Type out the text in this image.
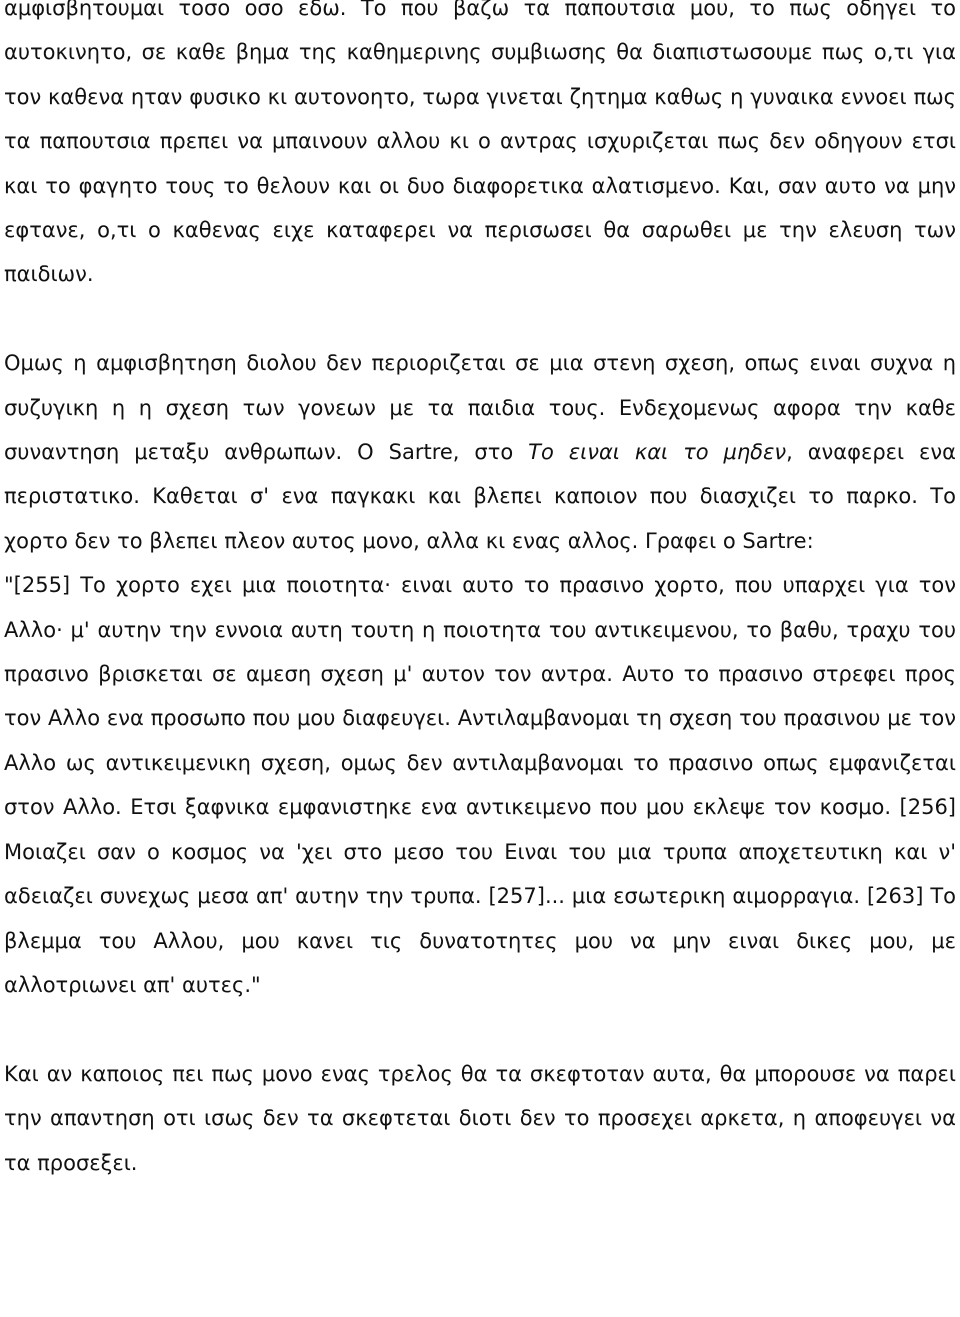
αμφισβητουμαι τοσο οσο εδω. Το που βαζω τα παπουτσια μου, το πως οδηγει το αυτοκινητο, σε καθε βημα της καθημερινης συμβιωσης θα διαπιστωσουμε πως ο,τι για τον καθενα ηταν φυσικο κι αυτονοητο, τωρα γινεται ζητημα καθως η γυναικα εννοει πως τα παπουτσια πρεπει να μπαινουν αλλου κι ο αντρας ισχυριζεται πως δεν οδηγουν ετσι και το φαγητο τους το θελουν και οι δυο διαφορετικα αλατισμενο. Και, σαν αυτο να μην εφτανε, ο,τι ο καθενας ειχε καταφερει να περισωσει θα σαρωθει με την ελευση των παιδιων.

Ομως η αμφισβητηση διολου δεν περιοριζεται σε μια στενη σχεση, οπως ειναι συχνα η συζυγικη η η σχεση των γονεων με τα παιδια τους. Ενδεχομενως αφορα την καθε συναντηση μεταξυ ανθρωπων. Ο Sartre, στο Το ειναι και το μηδεν, αναφερει ενα περιστατικο. Καθεται σ' ενα παγκακι και βλεπει καποιον που διασχιζει το παρκο. Το χορτο δεν το βλεπει πλεον αυτος μονο, αλλα κι ενας αλλος. Γραφει ο Sartre:

"[255] Το χορτο εχει μια ποιοτητα· ειναι αυτο το πρασινο χορτο, που υπαρχει για τον Αλλο· μ' αυτην την εννοια αυτη τουτη η ποιοτητα του αντικειμενου, το βαθυ, τραχυ του πρασινο βρισκεται σε αμεση σχεση μ' αυτον τον αντρα. Αυτο το πρασινο στρεφει προς τον Αλλο ενα προσωπο που μου διαφευγει. Αντιλαμβανομαι τη σχεση του πρασινου με τον Αλλο ως αντικειμενικη σχεση, ομως δεν αντιλαμβανομαι το πρασινο οπως εμφανιζεται στον Αλλο. Ετσι ξαφνικα εμφανιστηκε ενα αντικειμενο που μου εκλεψε τον κοσμο. [256] Μοιαζει σαν ο κοσμος να 'χει στο μεσο του Ειναι του μια τρυπα αποχετευτικη και ν' αδειαζει συνεχως μεσα απ' αυτην την τρυπα. [257]... μια εσωτερικη αιμορραγια. [263] Το βλεμμα του Αλλου, μου κανει τις δυνατοτητες μου να μην ειναι δικες μου, με αλλοτριωνει απ' αυτες."

Και αν καποιος πει πως μονο ενας τρελος θα τα σκεφτοταν αυτα, θα μπορουσε να παρει την απαντηση οτι ισως δεν τα σκεφτεται διοτι δεν το προσεχει αρκετα, η αποφευγει να τα προσεξει.
